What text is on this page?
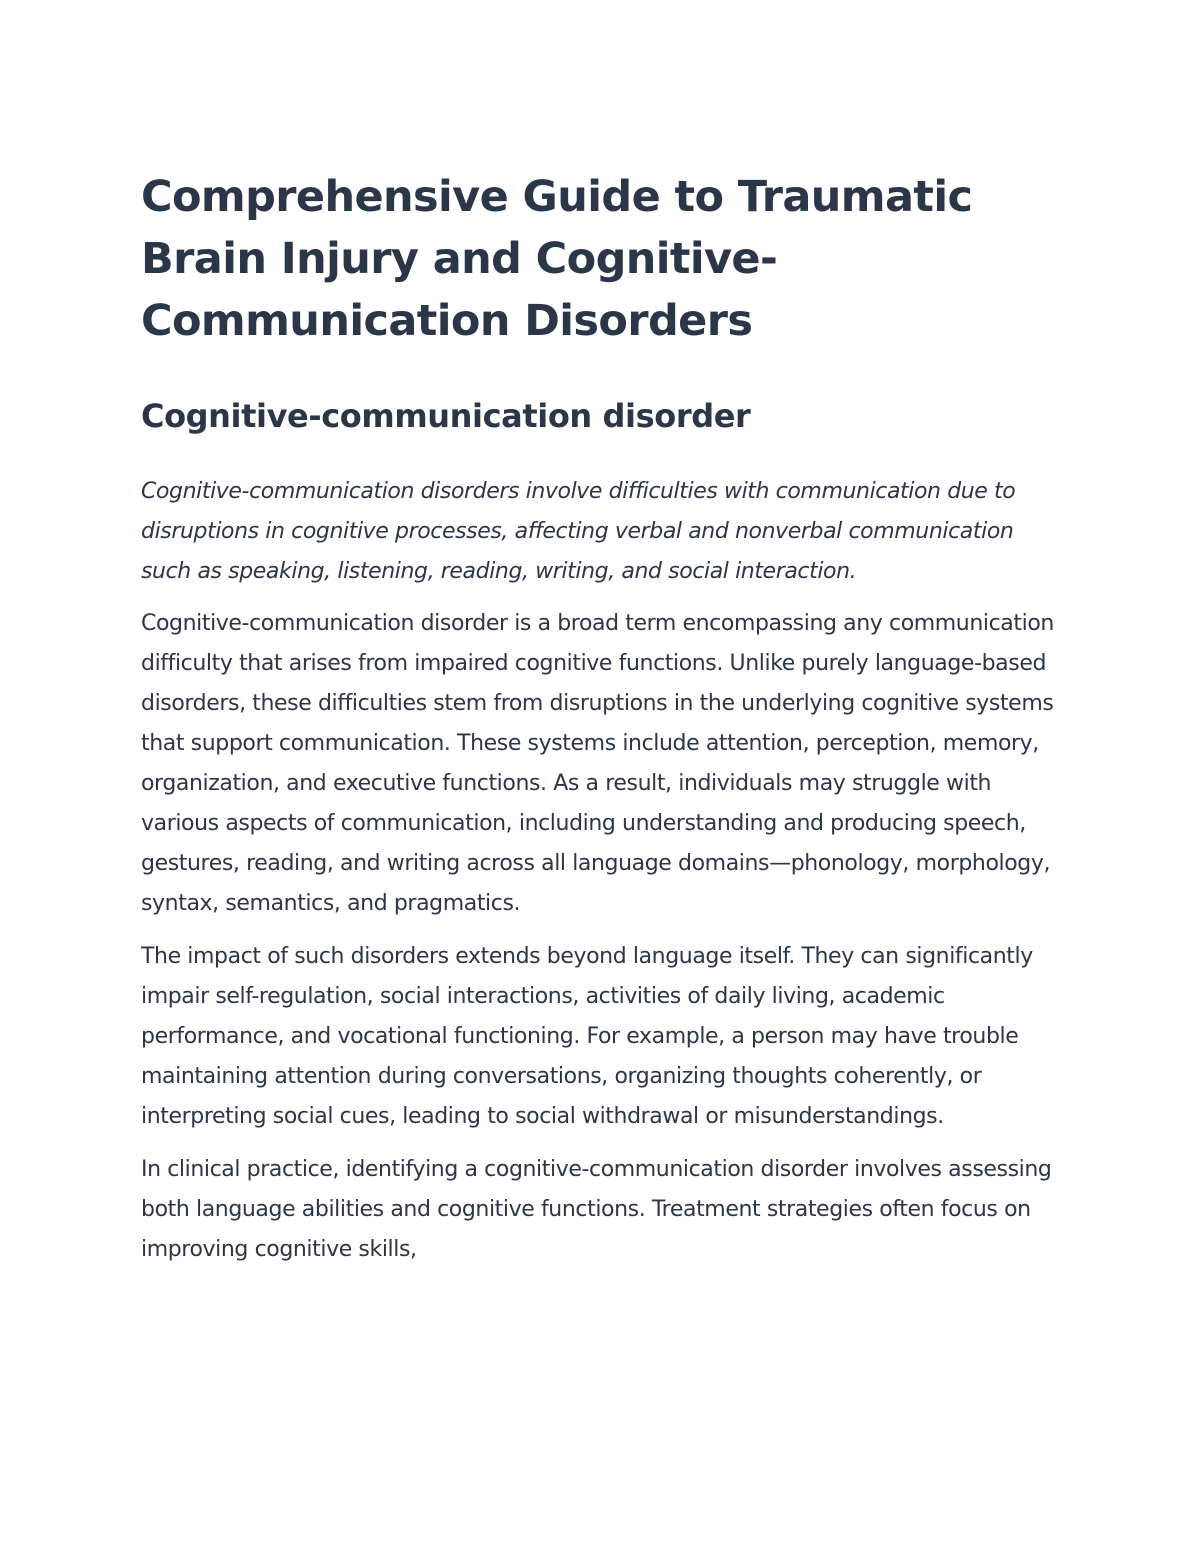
Comprehensive Guide to Traumatic Brain Injury and Cognitive-Communication Disorders
Cognitive-communication disorder

Cognitive-communication disorders involve difficulties with communication due to disruptions in cognitive processes, affecting verbal and nonverbal communication such as speaking, listening, reading, writing, and social interaction.

Cognitive-communication disorder is a broad term encompassing any communication difficulty that arises from impaired cognitive functions. Unlike purely language-based disorders, these difficulties stem from disruptions in the underlying cognitive systems that support communication. These systems include attention, perception, memory, organization, and executive functions. As a result, individuals may struggle with various aspects of communication, including understanding and producing speech, gestures, reading, and writing across all language domains—phonology, morphology, syntax, semantics, and pragmatics.

The impact of such disorders extends beyond language itself. They can significantly impair self-regulation, social interactions, activities of daily living, academic performance, and vocational functioning. For example, a person may have trouble maintaining attention during conversations, organizing thoughts coherently, or interpreting social cues, leading to social withdrawal or misunderstandings.

In clinical practice, identifying a cognitive-communication disorder involves assessing both language abilities and cognitive functions. Treatment strategies often focus on improving cognitive skills,
